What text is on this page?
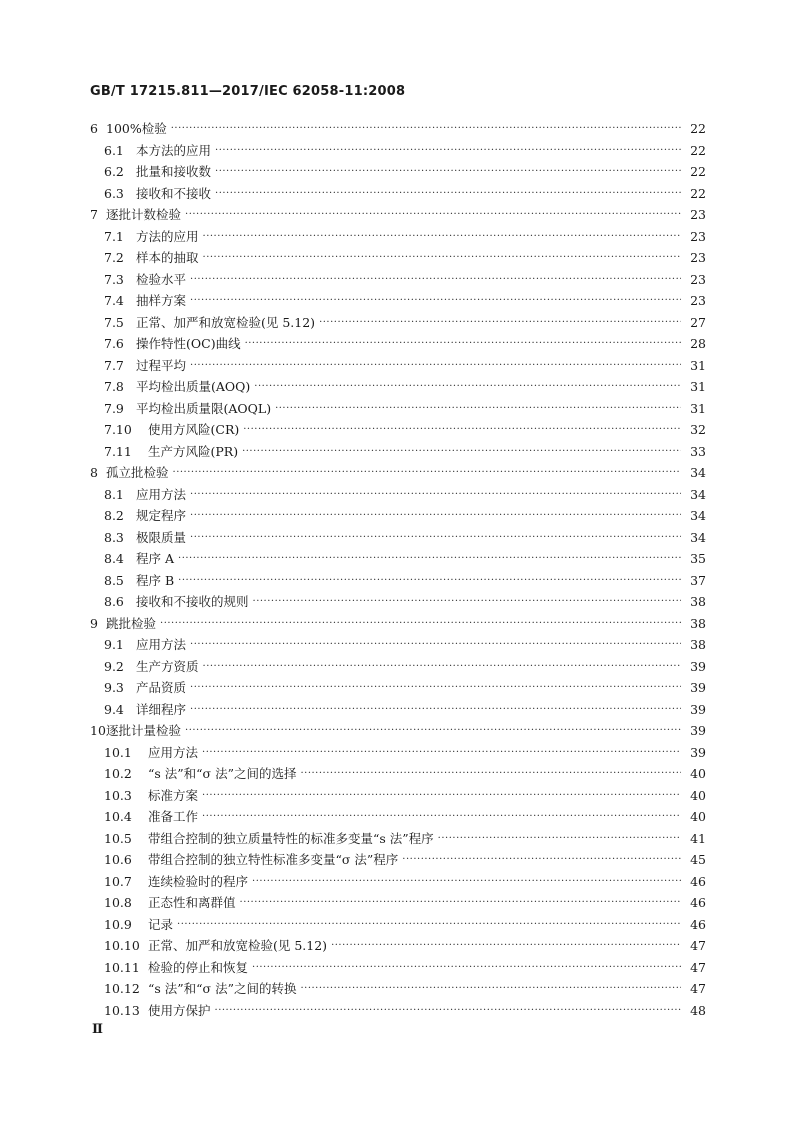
GB/T 17215.811—2017/IEC 62058-11:2008
6 100%检验 ·····	22
6.1 本方法的应用 ·····	22
6.2 批量和接收数 ·····	22
6.3 接收和不接收 ·····	22
7 逐批计数检验 ·····	23
7.1 方法的应用 ·····	23
7.2 样本的抽取 ·····	23
7.3 检验水平 ·····	23
7.4 抽样方案 ·····	23
7.5 正常、加严和放宽检验(见 5.12) ·····	27
7.6 操作特性(OC)曲线 ·····	28
7.7 过程平均 ·····	31
7.8 平均检出质量(AOQ) ·····	31
7.9 平均检出质量限(AOQL) ·····	31
7.10	使用方风险(CR) ·····	32
7.11	生产方风险(PR) ·····	33
8 孤立批检验 ·····	34
8.1 应用方法 ·····	34
8.2 规定程序 ·····	34
8.3 极限质量 ·····	34
8.4 程序 A ·····	35
8.5 程序 B ·····	37
8.6 接收和不接收的规则 ·····	38
9 跳批检验 ·····	38
9.1 应用方法 ·····	38
9.2 生产方资质 ·····	39
9.3 产品资质 ·····	39
9.4 详细程序 ·····	39
10 逐批计量检验 ·····	39
10.1	应用方法 ·····	39
10.2	“s 法”和“σ 法”之间的选择 ·····	40
10.3	标准方案 ·····	40
10.4	准备工作 ·····	40
10.5	带组合控制的独立质量特性的标准多变量“s 法”程序 ·····	41
10.6	带组合控制的独立特性标准多变量“σ 法”程序 ·····	45
10.7	连续检验时的程序 ·····	46
10.8	正态性和离群值 ·····	46
10.9	记录 ·····	46
10.10 正常、加严和放宽检验(见 5.12) ·····	47
10.11 检验的停止和恢复 ·····	47
10.12 “s 法”和“σ 法”之间的转换 ·····	47
10.13 使用方保护 ·····	48
Ⅱ
